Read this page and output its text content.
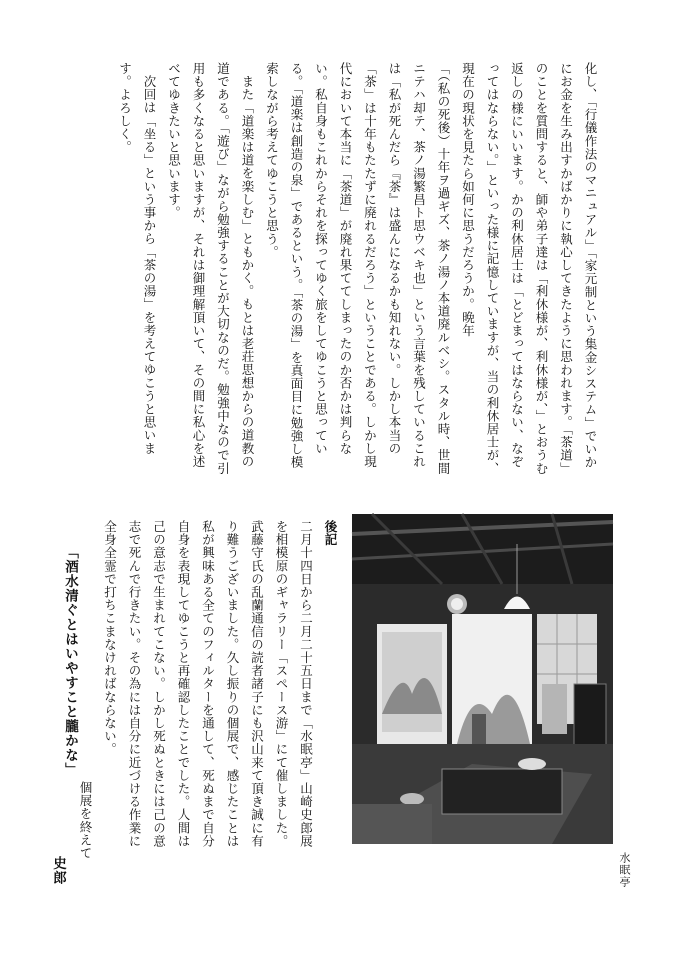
化し、「行儀作法のマニュアル」「家元制という集金システム」でいかにお金を生み出すかばかりに執心してきたように思われます。「茶道」のことを質問すると、師や弟子達は「利休様が、利休様が、」とおうむ返しの様にいいます。かの利休居士は「とどまってはならない、なぞってはならない。」といった様に記憶していますが、当の利休居士が、現在の現状を見たら如何に思うだろうか。晩年

「（私の死後）十年ヲ過ギズ、茶ノ湯ノ本道廃ルベシ。スタル時、世間ニテハ却テ、茶ノ湯繁昌ト思ウベキ也」という言葉を残しているこれは「私が死んだら『茶』は盛んになるかも知れない。しかし本当の「茶」は十年もたたずに廃れるだろう」ということである。しかし現代において本当に「茶道」が廃れ果ててしまったのか否かは判らない。私自身もこれからそれを探ってゆく旅をしてゆこうと思っている。「道楽は創造の泉」であるという。「茶の湯」を真面目に勉強し模索しながら考えてゆこうと思う。

また「道楽は道を楽しむ」ともかく。もとは老荘思想からの道教の道である。「遊び」ながら勉強することが大切なのだ。勉強中なので引用も多くなると思いますが、それは御理解頂いて、その間に私心を述べてゆきたいと思います。

次回は「坐る」という事から「茶の湯」を考えてゆこうと思います。よろしく。

水眠亭

後記

二月十四日から二月二十五日まで「水眠亭」山崎史郎展を相模原のギャラリー「スペース游」にて催しました。武藤守氏の乱蘭通信の読者諸子にも沢山来て頂き誠に有り難うございました。久し振りの個展で、感じたことは私が興味ある全てのフィルターを通して、死ぬまで自分自身を表現してゆこうと再確認したことでした。人間は己の意志で生まれてこない。しかし死ぬときには己の意志で死んで行きたい。その為には自分に近づける作業に全身全霊で打ちこまなければならない。

個展を終えて

「酒水清ぐとはいやすこと朧かな」
史郎
